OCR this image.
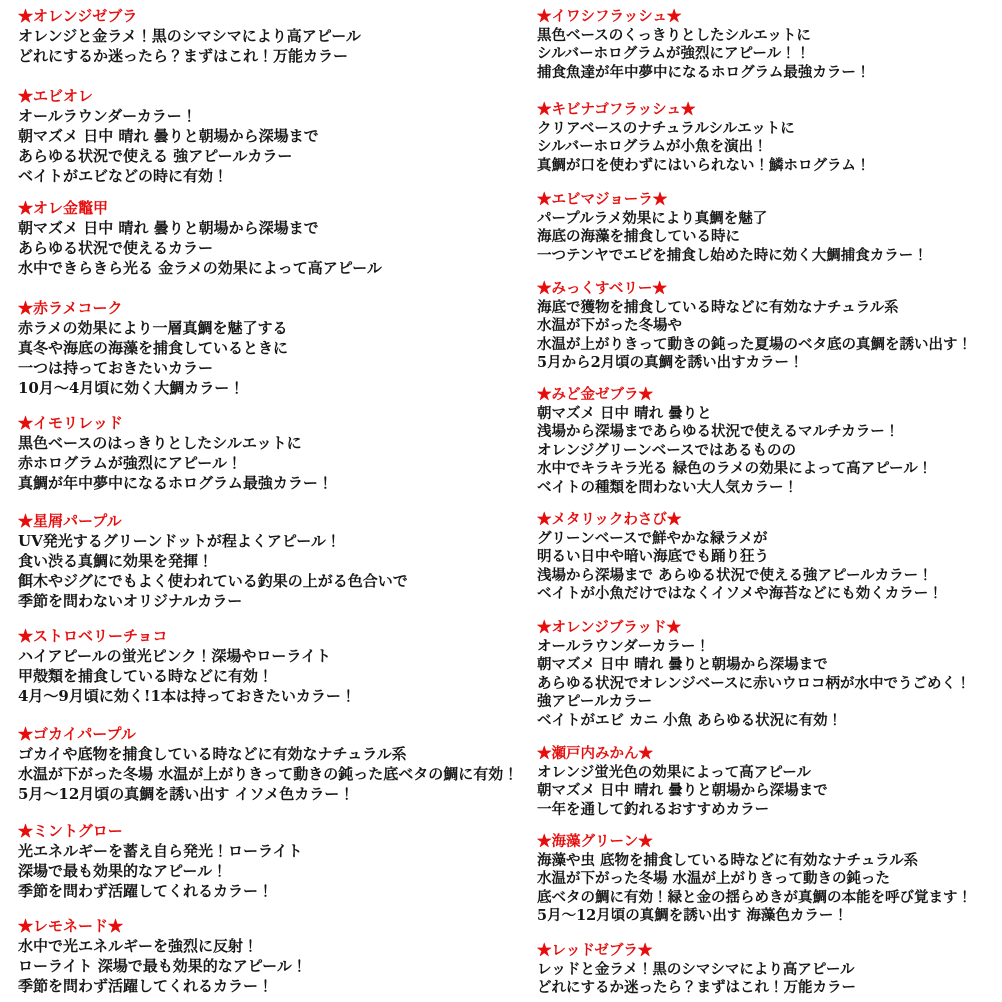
★オレンジゼブラ
オレンジと金ラメ！黒のシマシマにより高アピール
どれにするか迷ったら？まずはこれ！万能カラー
★エビオレ
オールラウンダーカラー！
朝マズメ 日中 晴れ 曇りと朝場から深場まで
あらゆる状況で使える 強アピールカラー
ベイトがエビなどの時に有効！
★オレ金鼈甲
朝マズメ 日中 晴れ 曇りと朝場から深場まで
あらゆる状況で使えるカラー
水中できらきら光る 金ラメの効果によって高アピール
★赤ラメコーク
赤ラメの効果により一層真鯛を魅了する
真冬や海底の海藻を捕食しているときに
一つは持っておきたいカラー
10月～4月頃に効く大鯛カラー！
★イモリレッド
黒色ベースのはっきりとしたシルエットに
赤ホログラムが強烈にアピール！
真鯛が年中夢中になるホログラム最強カラー！
★星屑パープル
UV発光するグリーンドットが程よくアピール！
食い渋る真鯛に効果を発揮！
餌木やジグにでもよく使われている釣果の上がる色合いで
季節を問わないオリジナルカラー
★ストロベリーチョコ
ハイアピールの蛍光ピンク！深場やローライト
甲殻類を捕食している時などに有効！
4月～9月頃に効く!1本は持っておきたいカラー！
★ゴカイパープル
ゴカイや底物を捕食している時などに有効なナチュラル系
水温が下がった冬場 水温が上がりきって動きの鈍った底ベタの鯛に有効！
5月～12月頃の真鯛を誘い出す イソメ色カラー！
★ミントグロー
光エネルギーを蓄え自ら発光！ローライト
深場で最も効果的なアピール！
季節を問わず活躍してくれるカラー！
★レモネード★
水中で光エネルギーを強烈に反射！
ローライト 深場で最も効果的なアピール！
季節を問わず活躍してくれるカラー！
★イワシフラッシュ★
黒色ベースのくっきりとしたシルエットに
シルバーホログラムが強烈にアピール！！
捕食魚達が年中夢中になるホログラム最強カラー！
★キビナゴフラッシュ★
クリアベースのナチュラルシルエットに
シルバーホログラムが小魚を演出！
真鯛が口を使わずにはいられない！鱗ホログラム！
★エビマジョーラ★
パープルラメ効果により真鯛を魅了
海底の海藻を捕食している時に
一つテンヤでエビを捕食し始めた時に効く大鯛捕食カラー！
★みっくすベリー★
海底で獲物を捕食している時などに有効なナチュラル系
水温が下がった冬場や
水温が上がりきって動きの鈍った夏場のベタ底の真鯛を誘い出す！
5月から2月頃の真鯛を誘い出すカラー！
★みど金ゼブラ★
朝マズメ 日中 晴れ 曇りと
浅場から深場まであらゆる状況で使えるマルチカラー！
オレンジグリーンベースではあるものの
水中でキラキラ光る 緑色のラメの効果によって高アピール！
ベイトの種類を問わない大人気カラー！
★メタリックわさび★
グリーンベースで鮮やかな緑ラメが
明るい日中や暗い海底でも踊り狂う
浅場から深場まで あらゆる状況で使える強アピールカラー！
ベイトが小魚だけではなくイソメや海苔などにも効くカラー！
★オレンジブラッド★
オールラウンダーカラー！
朝マズメ 日中 晴れ 曇りと朝場から深場まで
あらゆる状況でオレンジベースに赤いウロコ柄が水中でうごめく！
強アピールカラー
ベイトがエビ カニ 小魚 あらゆる状況に有効！
★瀬戸内みかん★
オレンジ蛍光色の効果によって高アピール
朝マズメ 日中 晴れ 曇りと朝場から深場まで
一年を通して釣れるおすすめカラー
★海藻グリーン★
海藻や虫 底物を捕食している時などに有効なナチュラル系
水温が下がった冬場 水温が上がりきって動きの鈍った
底ベタの鯛に有効！緑と金の揺らめきが真鯛の本能を呼び覚ます！
5月～12月頃の真鯛を誘い出す 海藻色カラー！
★レッドゼブラ★
レッドと金ラメ！黒のシマシマにより高アピール
どれにするか迷ったら？まずはこれ！万能カラー
